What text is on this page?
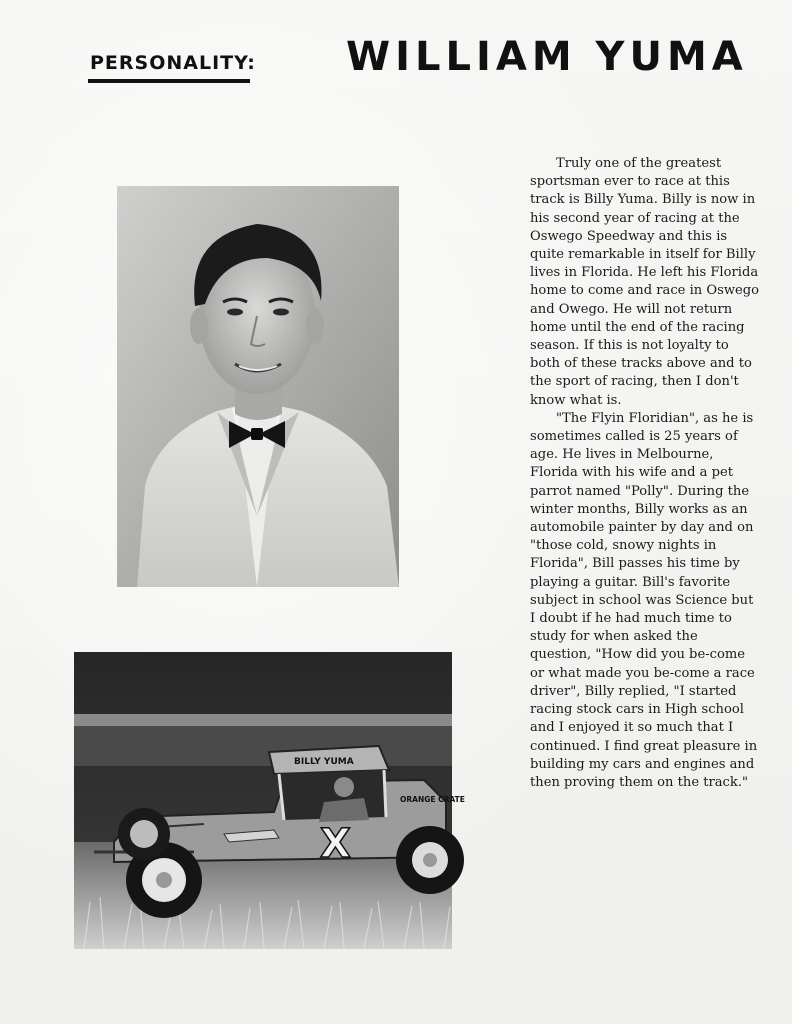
PERSONALITY: WILLIAM YUMA
BILLY YUMA
ORANGE CRATE
X

Truly one of the greatest sportsman ever to race at this track is Billy Yuma. Billy is now in his second year of racing at the Oswego Speedway and this is quite remarkable in itself for Billy lives in Florida. He left his Florida home to come and race in Oswego and Owego. He will not return home until the end of the racing season. If this is not loyalty to both of these tracks above and to the sport of racing, then I don't know what is.

"The Flyin Floridian", as he is sometimes called is 25 years of age. He lives in Melbourne, Florida with his wife and a pet parrot named "Polly". During the winter months, Billy works as an automobile painter by day and on "those cold, snowy nights in Florida", Bill passes his time by playing a guitar. Bill's favorite subject in school was Science but I doubt if he had much time to study for when asked the question, "How did you be-come or what made you be-come a race driver", Billy replied, "I started racing stock cars in High school and I enjoyed it so much that I continued. I find great pleasure in building my cars and engines and then proving them on the track."
